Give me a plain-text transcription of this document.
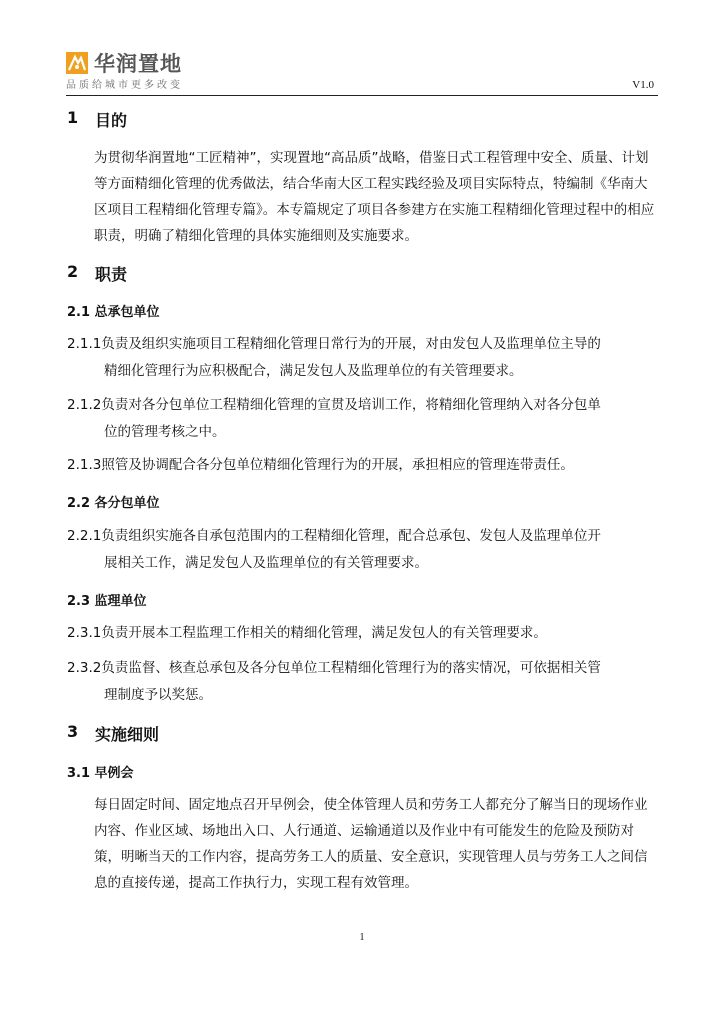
华润置地
品质给城市更多改变	V1.0
1	目的
为贯彻华润置地“工匠精神”，实现置地“高品质”战略，借鉴日式工程管理中安全、质量、计划等方面精细化管理的优秀做法，结合华南大区工程实践经验及项目实际特点，特编制《华南大区项目工程精细化管理专篇》。本专篇规定了项目各参建方在实施工程精细化管理过程中的相应职责，明确了精细化管理的具体实施细则及实施要求。
2	职责
2.1 总承包单位
2.1.1负责及组织实施项目工程精细化管理日常行为的开展，对由发包人及监理单位主导的
精细化管理行为应积极配合，满足发包人及监理单位的有关管理要求。
2.1.2负责对各分包单位工程精细化管理的宣贯及培训工作，将精细化管理纳入对各分包单
位的管理考核之中。
2.1.3照管及协调配合各分包单位精细化管理行为的开展，承担相应的管理连带责任。
2.2 各分包单位
2.2.1负责组织实施各自承包范围内的工程精细化管理，配合总承包、发包人及监理单位开
展相关工作，满足发包人及监理单位的有关管理要求。
2.3 监理单位
2.3.1负责开展本工程监理工作相关的精细化管理，满足发包人的有关管理要求。
2.3.2负责监督、核查总承包及各分包单位工程精细化管理行为的落实情况，可依据相关管
理制度予以奖惩。
3	实施细则
3.1 早例会
每日固定时间、固定地点召开早例会，使全体管理人员和劳务工人都充分了解当日的现场作业内容、作业区域、场地出入口、人行通道、运输通道以及作业中有可能发生的危险及预防对策，明晰当天的工作内容，提高劳务工人的质量、安全意识，实现管理人员与劳务工人之间信息的直接传递，提高工作执行力，实现工程有效管理。
1
